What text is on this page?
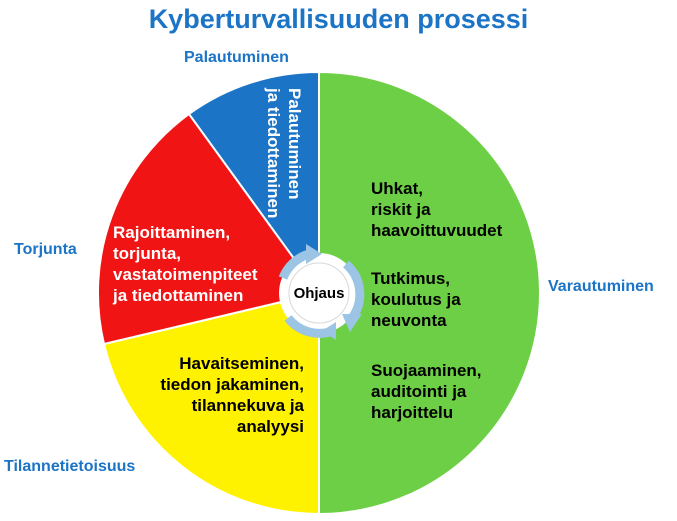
Kyberturvallisuuden prosessi
Palautuminen
Torjunta
Varautuminen
Tilannetietoisuus
Palautuminen
ja tiedottaminen
Rajoittaminen,
torjunta,
vastatoimenpiteet
ja tiedottaminen
Havaitseminen,
tiedon jakaminen,
tilannekuva ja
analyysi
Uhkat,
riskit ja
haavoittuvuudet
Tutkimus,
koulutus ja
neuvonta
Suojaaminen,
auditointi ja
harjoittelu
Ohjaus
